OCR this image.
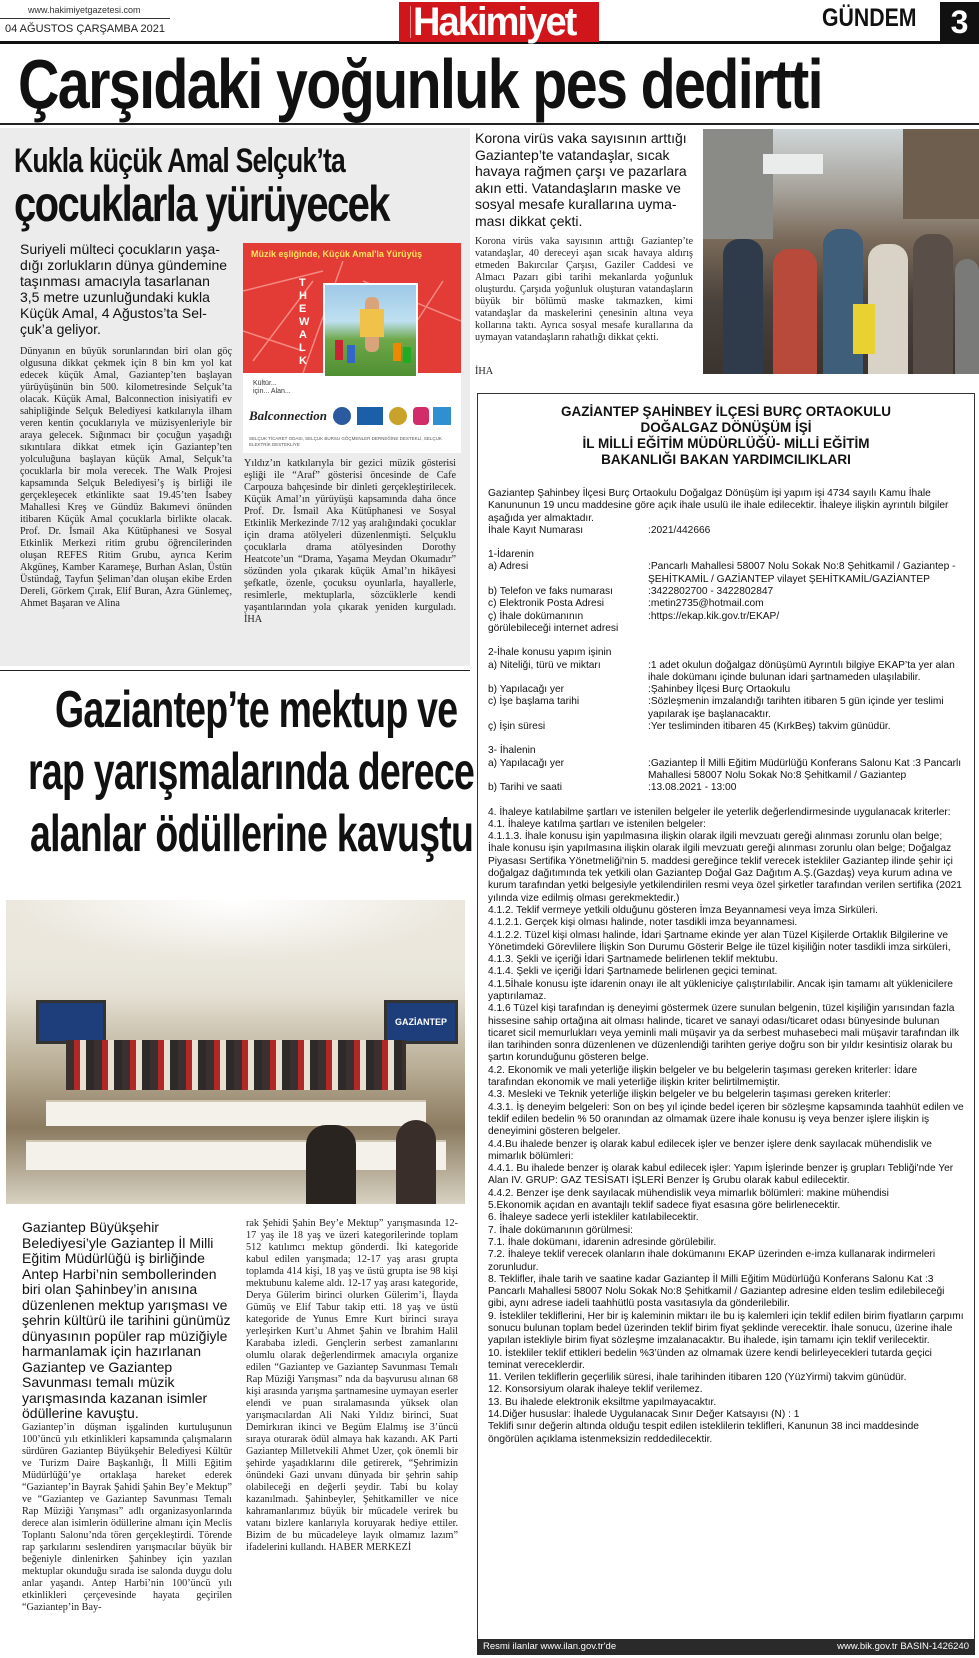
www.hakimiyetgazetesi.com
04 AĞUSTOS ÇARŞAMBA 2021	Hakimiyet	GÜNDEM	3
Çarşıdaki yoğunluk pes dedirtti
Kukla küçük Amal Selçuk’ta
çocuklarla yürüyecek
Suriyeli mülteci çocukların yaşa- dığı zorlukların dünya gündemine taşınması amacıyla tasarlanan 3,5 metre uzunluğundaki kukla Küçük Amal, 4 Ağustos’ta Sel- çuk’a geliyor.
Dünyanın en büyük sorunlarından biri olan göç olgusuna dikkat çekmek için 8 bin km yol kat edecek küçük Amal, Gaziantep’ten başlayan yürüyüşünün bin 500. kilometresinde Selçuk’ta olacak. Küçük Amal, Balconnection inisiyatifi ev sahipliğinde Selçuk Belediyesi katkılarıyla ilham veren kentin çocuklarıyla ve müzisyenleriyle bir araya gelecek. Sığınmacı bir çocuğun yaşadığı sıkıntılara dikkat etmek için Gaziantep’ten yolculuğuna başlayan küçük Amal, Selçuk’ta çocuklarla bir mola verecek. The Walk Projesi kapsamında Selçuk Belediyesi’ş iş birliği ile gerçekleşecek etkinlikte saat 19.45’ten İsabey Mahallesi Kreş ve Gündüz Bakımevi önünden itibaren Küçük Amal çocuklarla birlikte olacak. Prof. Dr. İsmail Aka Kütüphanesi ve Sosyal Etkinlik Merkezi ritim grubu öğrencilerinden oluşan REFES Ritim Grubu, ayrıca Kerim Akgüneş, Kamber Karameşe, Burhan Aslan, Üstün Üstündağ, Tayfun Şeliman’dan oluşan ekibe Erden Dereli, Görkem Çırak, Elif Buran, Azra Günlemeç, Ahmet Başaran ve Alina
Yıldız’ın katkılarıyla bir gezici müzik gösterisi eşliği ile “Araf” gösterisi öncesinde de Cafe Carpouza bahçesinde bir dinleti gerçekleştirilecek. Küçük Amal’ın yürüyüşü kapsamında daha önce Prof. Dr. İsmail Aka Kütüphanesi ve Sosyal Etkinlik Merkezinde 7/12 yaş aralığındaki çocuklar için drama atölyeleri düzenlenmişti. Selçuklu çocuklarla drama atölyesinden Dorothy Heatcote’un “Drama, Yaşama Meydan Okumadır” sözünden yola çıkarak küçük Amal’ın hikâyesi şefkatle, özenle, çocuksu oyunlarla, hayallerle, resimlerle, mektuplarla, sözcüklerle kendi yaşantılarından yola çıkarak yeniden kurguladı. İHA
Müzik eşliğinde, Küçük Amal'la Yürüyüş
THE WALK
Kültür... için... Alan...
Balconnection
SELÇUK TİCARET ODASI, SELÇUK BURSU GÖÇMENLER DERNEĞİNE DESTEKLİ, SELÇUK ELEKTRİK DESTEKLİYE
Korona virüs vaka sayısının arttığı Gaziantep’te vatandaşlar, sıcak havaya rağmen çarşı ve pazarlara akın etti. Vatandaşların maske ve sosyal mesafe kurallarına uyma- ması dikkat çekti.
Korona virüs vaka sayısının arttığı Gaziantep’te vatandaşlar, 40 dereceyi aşan sıcak havaya aldırış etmeden Bakırcılar Çarşısı, Gaziler Caddesi ve Almacı Pazarı gibi tarihi mekanlarda yoğunluk oluşturdu. Çarşıda yoğunluk oluşturan vatandaşların büyük bir bölümü maske takmazken, kimi vatandaşlar da maskelerini çenesinin altına veya kollarına taktı. Ayrıca sosyal mesafe kurallarına da uymayan vatandaşların rahatlığı dikkat çekti.
İHA
Gaziantep’te mektup ve
rap yarışmalarında derece
alanlar ödüllerine kavuştu
GAZİANTEP
Gaziantep Büyükşehir Belediyesi’yle Gaziantep İl Milli Eğitim Müdürlüğü iş birliğinde Antep Harbi’nin sembollerinden biri olan Şahinbey’in anısına düzenlenen mektup yarışması ve şehrin kültürü ile tarihini günümüz dünyasının popüler rap müziğiyle harmanlamak için hazırlanan Gaziantep ve Gaziantep Savunması temalı müzik yarışmasında kazanan isimler ödüllerine kavuştu.
Gaziantep’in düşman işgalinden kurtuluşunun 100’üncü yılı etkinlikleri kapsamında çalışmaların sürdüren Gaziantep Büyükşehir Belediyesi Kültür ve Turizm Daire Başkanlığı, İl Milli Eğitim Müdürlüğü’ye ortaklaşa hareket ederek “Gaziantep’in Bayrak Şahidi Şahin Bey’e Mektup” ve “Gaziantep ve Gaziantep Savunması Temalı Rap Müziği Yarışması” adlı organizasyonlarında derece alan isimlerin ödüllerine almanı için Meclis Toplantı Salonu’nda tören gerçekleştirdi. Törende rap şarkılarını seslendiren yarışmacılar büyük bir beğeniyle dinlenirken Şahinbey için yazılan mektuplar okunduğu sırada ise salonda duygu dolu anlar yaşandı. Antep Harbi’nin 100’üncü yılı etkinlikleri çerçevesinde hayata geçirilen “Gaziantep’in Bay-
rak Şehidi Şahin Bey’e Mektup” yarışmasında 12-17 yaş ile 18 yaş ve üzeri kategorilerinde toplam 512 katılımcı mektup gönderdi. İki kategoride kabul edilen yarışmada; 12-17 yaş arası grupta toplamda 414 kişi, 18 yaş ve üstü grupta ise 98 kişi mektubunu kaleme aldı. 12-17 yaş arası kategoride, Derya Gülerim birinci olurken Gülerim’i, İlayda Gümüş ve Elif Tabur takip etti. 18 yaş ve üstü kategoride de Yunus Emre Kurt birinci sıraya yerleşirken Kurt’u Ahmet Şahin ve İbrahim Halil Karababa izledi. Gençlerin serbest zamanlarını olumlu olarak değerlendirmek amacıyla organize edilen “Gaziantep ve Gaziantep Savunması Temalı Rap Müziği Yarışması” nda da başvurusu alınan 68 kişi arasında yarışma şartnamesine uymayan eserler elendi ve puan sıralamasında yüksek olan yarışmacılardan Ali Naki Yıldız birinci, Suat Demirkıran ikinci ve Begüm Elalmış ise 3’üncü sıraya oturarak ödül almaya hak kazandı. AK Parti Gaziantep Milletvekili Ahmet Uzer, çok önemli bir şehirde yaşadıklarını dile getirerek, “Şehrimizin önündeki Gazi unvanı dünyada bir şehrin sahip olabileceği en değerli şeydir. Tabi bu kolay kazanılmadı. Şahinbeyler, Şehitkamiller ve nice kahramanlarımız büyük bir mücadele verirek bu vatanı bizlere kanlarıyla koruyarak hediye ettiler. Bizim de bu mücadeleye layık olmamız lazım” ifadelerini kullandı. HABER MERKEZİ
GAZİANTEP ŞAHİNBEY İLÇESİ BURÇ ORTAOKULU
DOĞALGAZ DÖNÜŞÜM İŞİ
İL MİLLİ EĞİTİM MÜDÜRLÜĞÜ- MİLLİ EĞİTİM
BAKANLIĞI BAKAN YARDIMCILIKLARI
Gaziantep Şahinbey İlçesi Burç Ortaokulu Doğalgaz Dönüşüm işi yapım işi 4734 sayılı Kamu İhale Kanununun 19 uncu maddesine göre açık ihale usulü ile ihale edilecektir. İhaleye ilişkin ayrıntılı bilgiler aşağıda yer almaktadır.
İhale Kayıt Numarası	:2021/442666
1-İdarenin
a) Adresi	:Pancarlı Mahallesi 58007 Nolu Sokak No:8 Şehitkamil / Gaziantep - ŞEHİTKAMİL / GAZİANTEP vilayet ŞEHİTKAMİL/GAZİANTEP
b) Telefon ve faks numarası	:3422802700 - 3422802847
c) Elektronik Posta Adresi	:metin2735@hotmail.com
ç) İhale dokümanının görülebileceği internet adresi
:https://ekap.kik.gov.tr/EKAP/
2-İhale konusu yapım işinin
a) Niteliği, türü ve miktarı	:1 adet okulun doğalgaz dönüşümü Ayrıntılı bilgiye EKAP’ta yer alan ihale dokümanı içinde bulunan idari şartnameden ulaşılabilir.
b) Yapılacağı yer	:Şahinbey İlçesi Burç Ortaokulu
c) İşe başlama tarihi	:Sözleşmenin imzalandığı tarihten itibaren 5 gün içinde yer teslimi yapılarak işe başlanacaktır.
ç) İşin süresi	:Yer tesliminden itibaren 45 (KırkBeş) takvim günüdür.
3- İhalenin
a) Yapılacağı yer	:Gaziantep İl Milli Eğitim Müdürlüğü Konferans Salonu Kat :3 Pancarlı Mahallesi 58007 Nolu Sokak No:8 Şehitkamil / Gaziantep
b) Tarihi ve saati	:13.08.2021 - 13:00
4. İhaleye katılabilme şartları ve istenilen belgeler ile yeterlik değerlendirmesinde uygulanacak kriterler:
4.1. İhaleye katılma şartları ve istenilen belgeler:
4.1.1.3. İhale konusu işin yapılmasına ilişkin olarak ilgili mevzuatı gereği alınması zorunlu olan belge; İhale konusu işin yapılmasına ilişkin olarak ilgili mevzuatı gereği alınması zorunlu olan belge; Doğalgaz Piyasası Sertifika Yönetmeliği'nin 5. maddesi gereğince teklif verecek istekliler Gaziantep ilinde şehir içi doğalgaz dağıtımında tek yetkili olan Gaziantep Doğal Gaz Dağıtım A.Ş.(Gazdaş) veya kurum adına ve kurum tarafından yetki belgesiyle yetkilendirilen resmi veya özel şirketler tarafından verilen sertifika (2021 yılında vize edilmiş olması gerekmektedir.)
4.1.2. Teklif vermeye yetkili olduğunu gösteren İmza Beyannamesi veya İmza Sirküleri.
4.1.2.1. Gerçek kişi olması halinde, noter tasdikli imza beyannamesi.
4.1.2.2. Tüzel kişi olması halinde, İdari Şartname ekinde yer alan Tüzel Kişilerde Ortaklık Bilgilerine ve Yönetimdeki Görevlilere İlişkin Son Durumu Gösterir Belge ile tüzel kişiliğin noter tasdikli imza sirküleri,
4.1.3. Şekli ve içeriği İdari Şartnamede belirlenen teklif mektubu.
4.1.4. Şekli ve içeriği İdari Şartnamede belirlenen geçici teminat.
4.1.5İhale konusu işte idarenin onayı ile alt yükleniciye çalıştırılabilir. Ancak işin tamamı alt yüklenicilere yaptırılamaz.
4.1.6 Tüzel kişi tarafından iş deneyimi göstermek üzere sunulan belgenin, tüzel kişiliğin yarısından fazla hissesine sahip ortağına ait olması halinde, ticaret ve sanayi odası/ticaret odası bünyesinde bulunan ticaret sicil memurlukları veya yeminli mali müşavir ya da serbest muhasebeci mali müşavir tarafından ilk ilan tarihinden sonra düzenlenen ve düzenlendiği tarihten geriye doğru son bir yıldır kesintisiz olarak bu şartın korunduğunu gösteren belge.
4.2. Ekonomik ve mali yeterliğe ilişkin belgeler ve bu belgelerin taşıması gereken kriterler: İdare tarafından ekonomik ve mali yeterliğe ilişkin kriter belirtilmemiştir.
4.3. Mesleki ve Teknik yeterliğe ilişkin belgeler ve bu belgelerin taşıması gereken kriterler:
4.3.1. İş deneyim belgeleri: Son on beş yıl içinde bedel içeren bir sözleşme kapsamında taahhüt edilen ve teklif edilen bedelin % 50 oranından az olmamak üzere ihale konusu iş veya benzer işlere ilişkin iş deneyimini gösteren belgeler.
4.4.Bu ihalede benzer iş olarak kabul edilecek işler ve benzer işlere denk sayılacak mühendislik ve mimarlık bölümleri:
4.4.1. Bu ihalede benzer iş olarak kabul edilecek işler: Yapım İşlerinde benzer iş grupları Tebliği'nde Yer Alan IV. GRUP: GAZ TESİSATI İŞLERİ Benzer İş Grubu olarak kabul edilecektir.
4.4.2. Benzer işe denk sayılacak mühendislik veya mimarlık bölümleri: makine mühendisi
5.Ekonomik açıdan en avantajlı teklif sadece fiyat esasına göre belirlenecektir.
6. İhaleye sadece yerli istekliler katılabilecektir.
7. İhale dokümanının görülmesi:
7.1. İhale dokümanı, idarenin adresinde görülebilir.
7.2. İhaleye teklif verecek olanların ihale dokümanını EKAP üzerinden e-imza kullanarak indirmeleri zorunludur.
8. Teklifler, ihale tarih ve saatine kadar Gaziantep İl Milli Eğitim Müdürlüğü Konferans Salonu Kat :3 Pancarlı Mahallesi 58007 Nolu Sokak No:8 Şehitkamil / Gaziantep adresine elden teslim edilebileceği gibi, aynı adrese iadeli taahhütlü posta vasıtasıyla da gönderilebilir.
9. İstekliler tekliflerini, Her bir iş kaleminin miktarı ile bu iş kalemleri için teklif edilen birim fiyatların çarpımı sonucu bulunan toplam bedel üzerinden teklif birim fiyat şeklinde verecektir. İhale sonucu, üzerine ihale yapılan istekliyle birim fiyat sözleşme imzalanacaktır. Bu ihalede, işin tamamı için teklif verilecektir.
10. İstekliler teklif ettikleri bedelin %3’ünden az olmamak üzere kendi belirleyecekleri tutarda geçici teminat vereceklerdir.
11. Verilen tekliflerin geçerlilik süresi, ihale tarihinden itibaren 120 (YüzYirmi) takvim günüdür.
12. Konsorsiyum olarak ihaleye teklif verilemez.
13. Bu ihalede elektronik eksiltme yapılmayacaktır.
14.Diğer hususlar: İhalede Uygulanacak Sınır Değer Katsayısı (N) : 1
Teklifi sınır değerin altında olduğu tespit edilen isteklilerin teklifleri, Kanunun 38 inci maddesinde öngörülen açıklama istenmeksizin reddedilecektir.
Resmi ilanlar www.ilan.gov.tr'de	www.bik.gov.tr BASIN-1426240
